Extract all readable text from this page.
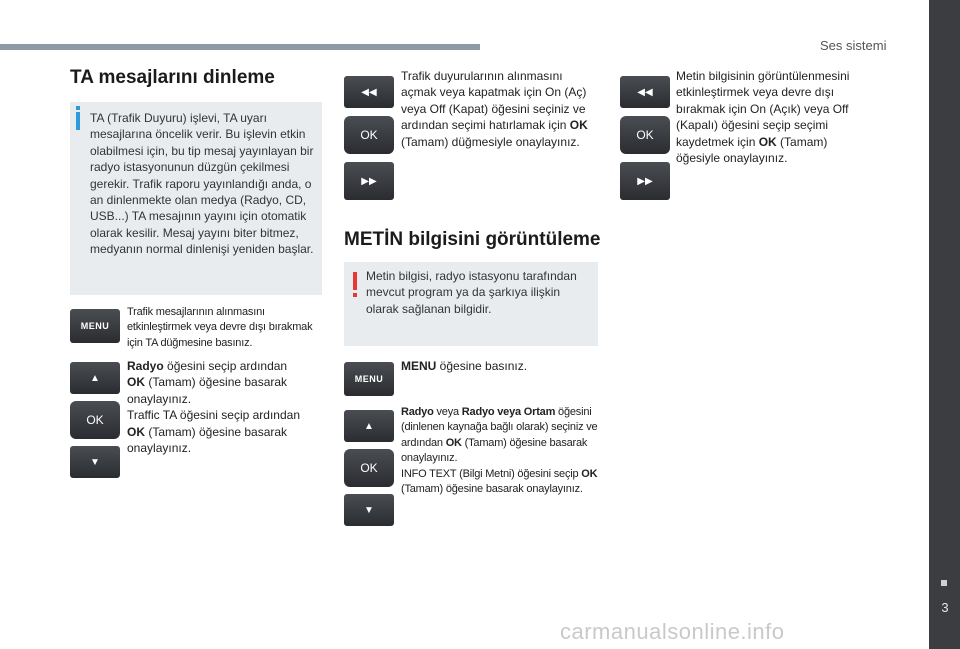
Ses sistemi
3
carmanualsonline.info
TA mesajlarını dinleme
TA (Trafik Duyuru) işlevi, TA uyarı mesajlarına öncelik verir. Bu işlevin etkin olabilmesi için, bu tip mesaj yayınlayan bir radyo istasyonunun düzgün çekilmesi gerekir. Trafik raporu yayınlandığı anda, o an dinlenmekte olan medya (Radyo, CD, USB...) TA mesajının yayını için otomatik olarak kesilir. Mesaj yayını biter bitmez, medyanın normal dinlenişi yeniden başlar.
MENU
Trafik mesajlarının alınmasını etkinleştirmek veya devre dışı bırakmak için TA düğmesine basınız.
▲
OK
▼
Radyo öğesini seçip ardından
OK (Tamam) öğesine basarak onaylayınız.
Traffic TA öğesini seçip ardından
OK (Tamam) öğesine basarak onaylayınız.
◀◀
OK
▶▶
Trafik duyurularının alınmasını açmak veya kapatmak için On (Aç) veya Off (Kapat) öğesini seçiniz ve ardından seçimi hatırlamak için OK (Tamam) düğmesiyle onaylayınız.
METİN bilgisini görüntüleme
Metin bilgisi, radyo istasyonu tarafından mevcut program ya da şarkıya ilişkin olarak sağlanan bilgidir.
MENU
MENU öğesine basınız.
▲
OK
▼
Radyo veya Radyo veya Ortam öğesini (dinlenen kaynağa bağlı olarak) seçiniz ve ardından OK (Tamam) öğesine basarak onaylayınız.
INFO TEXT (Bilgi Metni) öğesini seçip OK (Tamam) öğesine basarak onaylayınız.
◀◀
OK
▶▶
Metin bilgisinin görüntülenmesini etkinleştirmek veya devre dışı bırakmak için On (Açık) veya Off (Kapalı) öğesini seçip seçimi kaydetmek için OK (Tamam) öğesiyle onaylayınız.
